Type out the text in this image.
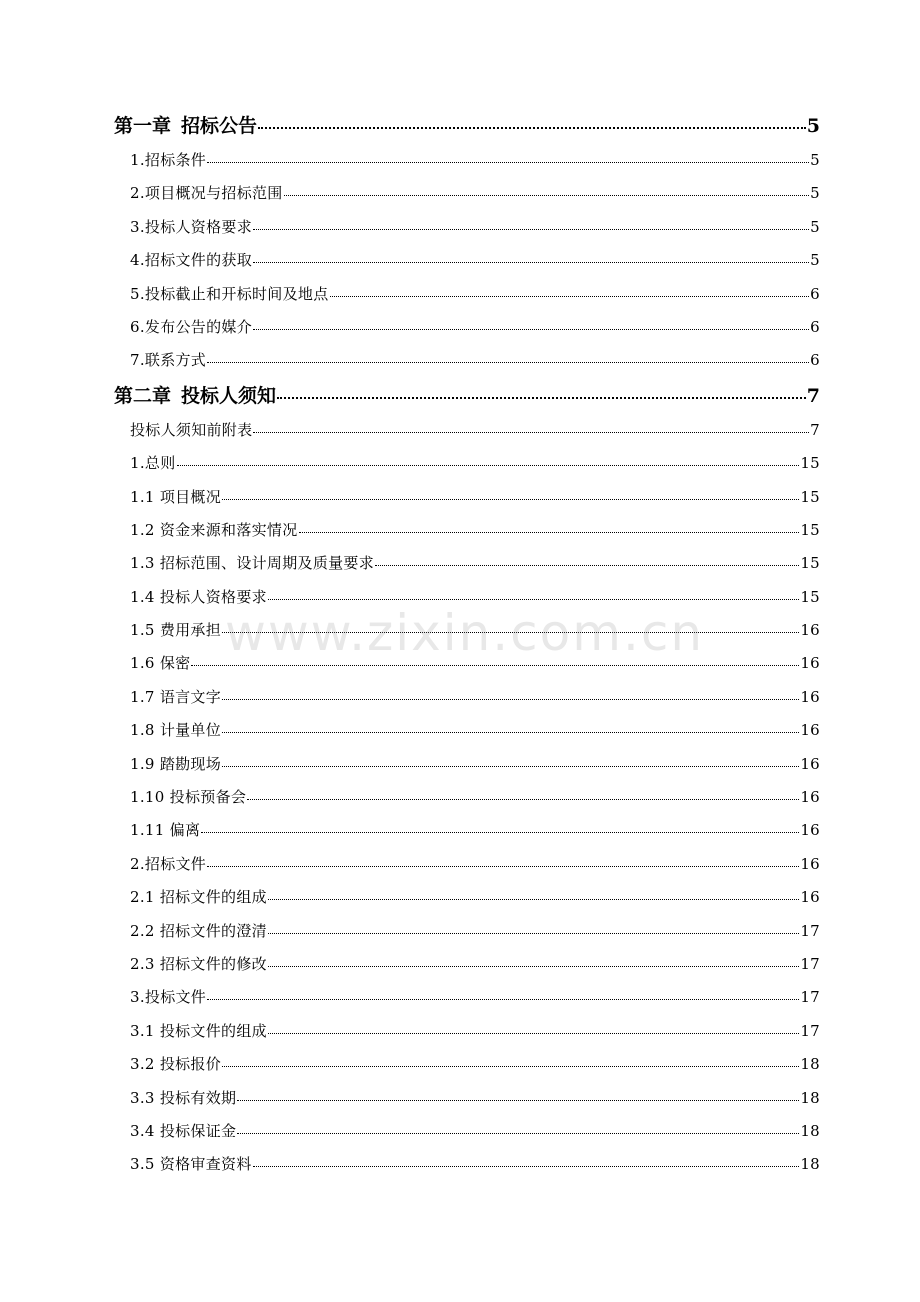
第一章 招标公告	5
1.招标条件	5
2.项目概况与招标范围	5
3.投标人资格要求	5
4.招标文件的获取	5
5.投标截止和开标时间及地点	6
6.发布公告的媒介	6
7.联系方式	6
第二章 投标人须知	7
投标人须知前附表	7
1.总则	15
1.1 项目概况	15
1.2 资金来源和落实情况	15
1.3 招标范围、设计周期及质量要求	15
1.4 投标人资格要求	15
1.5 费用承担	16
1.6 保密	16
1.7 语言文字	16
1.8 计量单位	16
1.9 踏勘现场	16
1.10 投标预备会	16
1.11 偏离	16
2.招标文件	16
2.1 招标文件的组成	16
2.2 招标文件的澄清	17
2.3 招标文件的修改	17
3.投标文件	17
3.1 投标文件的组成	17
3.2 投标报价	18
3.3 投标有效期	18
3.4 投标保证金	18
3.5 资格审查资料	18
www.zixin.com.cn
